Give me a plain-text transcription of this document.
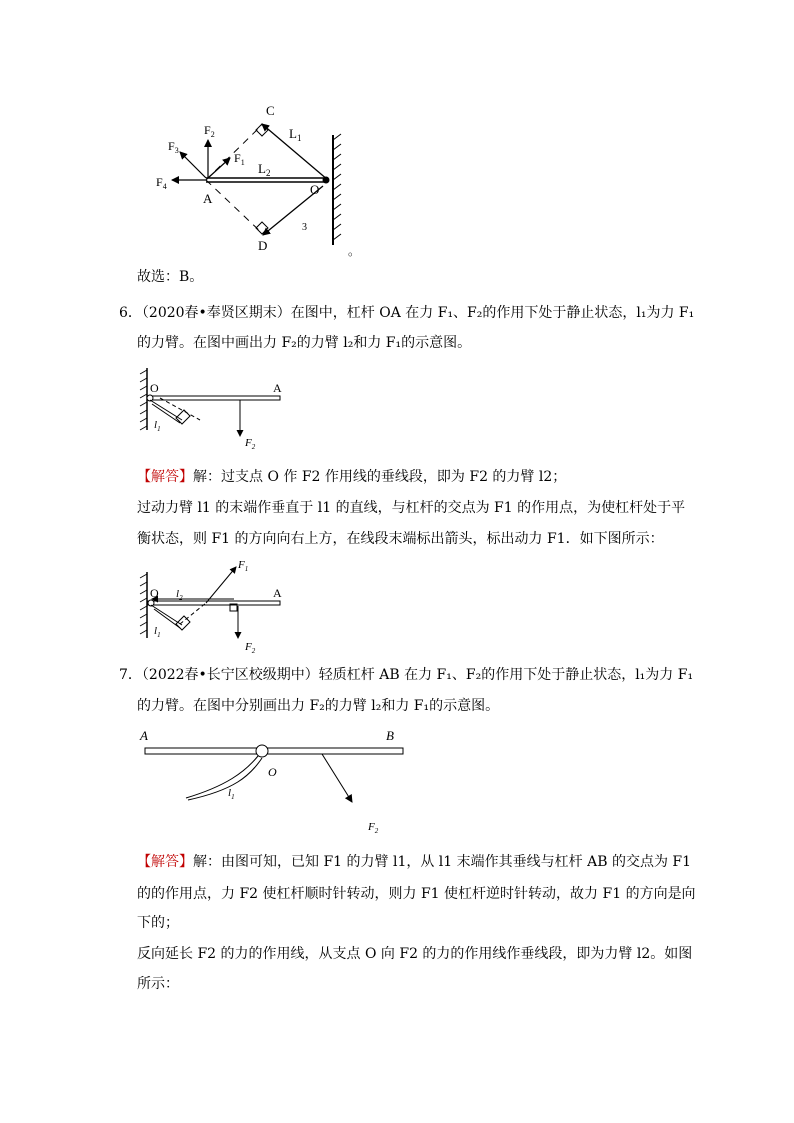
C
$L_1$
$F_2$
$F_3$
$F_1$ $L_2$
$F_4$
A
O
3
D	。
故选：B。
6．（2020春•奉贤区期末）在图中，杠杆 OA 在力 F₁、F₂的作用下处于静止状态，l₁为力 F₁
的力臂。在图中画出力 F₂的力臂 l₂和力 F₁的示意图。
O	A
$l_1$
$F_2$
【解答】解：过支点 O 作 F2 作用线的垂线段，即为 F2 的力臂 l2；
过动力臂 l1 的末端作垂直于 l1 的直线，与杠杆的交点为 F1 的作用点，为使杠杆处于平
衡状态，则 F1 的方向向右上方，在线段末端标出箭头，标出动力 F1．如下图所示：
$F_1$
O $l_2$	A
$l_1$
$F_2$
7．（2022春•长宁区校级期中）轻质杠杆 AB 在力 F₁、F₂的作用下处于静止状态，l₁为力 F₁
的力臂。在图中分别画出力 F₂的力臂 l₂和力 F₁的示意图。
A	B
O
$l_1$
$F_2$
【解答】解：由图可知，已知 F1 的力臂 l1，从 l1 末端作其垂线与杠杆 AB 的交点为 F1
的的作用点，力 F2 使杠杆顺时针转动，则力 F1 使杠杆逆时针转动，故力 F1 的方向是向
下的；
反向延长 F2 的力的作用线，从支点 O 向 F2 的力的作用线作垂线段，即为力臂 l2。如图
所示：
